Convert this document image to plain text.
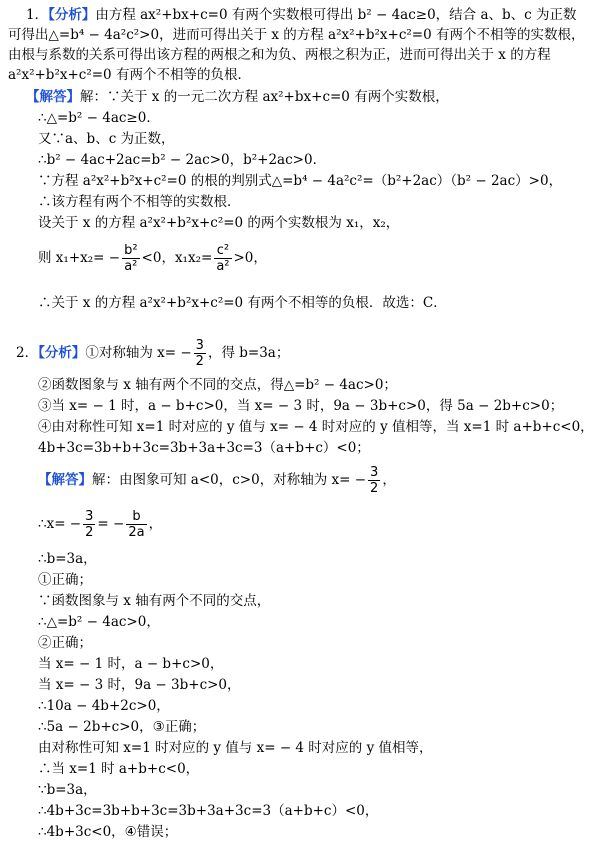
1．【分析】由方程 ax²+bx+c=0 有两个实数根可得出 b² − 4ac≥0，结合 a、b、c 为正数
可得出△=b⁴ − 4a²c²>0，进而可得出关于 x 的方程 a²x²+b²x+c²=0 有两个不相等的实数根，
由根与系数的关系可得出该方程的两根之和为负、两根之积为正，进而可得出关于 x 的方程
a²x²+b²x+c²=0 有两个不相等的负根．
【解答】解：∵关于 x 的一元二次方程 ax²+bx+c=0 有两个实数根，
∴△=b² − 4ac≥0．
又∵a、b、c 为正数，
∴b² − 4ac+2ac=b² − 2ac>0，b²+2ac>0．
∵方程 a²x²+b²x+c²=0 的根的判别式△=b⁴ − 4a²c²=（b²+2ac）（b² − 2ac）>0，
∴该方程有两个不相等的实数根．
设关于 x 的方程 a²x²+b²x+c²=0 的两个实数根为 x₁，x₂，
则 $x_1+x_2= - \frac{\text{b²}}{\text{a²}} <0$，$x_1x_2= \frac{\text{c²}}{\text{a²}} >0$，
∴关于 x 的方程 a²x²+b²x+c²=0 有两个不相等的负根．故选：C．
2．【分析】①对称轴为 $x= - \frac{3}{2}$ ，得 b=3a；
②函数图象与 x 轴有两个不同的交点，得△=b² − 4ac>0；
③当 x= − 1 时，a − b+c>0，当 x= − 3 时，9a − 3b+c>0，得 5a − 2b+c>0；
④由对称性可知 x=1 时对应的 y 值与 x= − 4 时对应的 y 值相等，当 x=1 时 a+b+c<0，
4b+3c=3b+b+3c=3b+3a+3c=3（a+b+c）<0；
【解答】解：由图象可知 a<0，c>0，对称轴为 $x= - \frac{3}{2}$ ，
∴x= − $\frac{3}{2}$ = − $\frac{b}{2a}$ ，
∴b=3a，
①正确；
∵函数图象与 x 轴有两个不同的交点，
∴△=b² − 4ac>0，
②正确；
当 x= − 1 时，a − b+c>0，
当 x= − 3 时，9a − 3b+c>0，
∴10a − 4b+2c>0，
∴5a − 2b+c>0，③正确；
由对称性可知 x=1 时对应的 y 值与 x= − 4 时对应的 y 值相等，
∴当 x=1 时 a+b+c<0，
∵b=3a，
∴4b+3c=3b+b+3c=3b+3a+3c=3（a+b+c）<0，
∴4b+3c<0，④错误；
